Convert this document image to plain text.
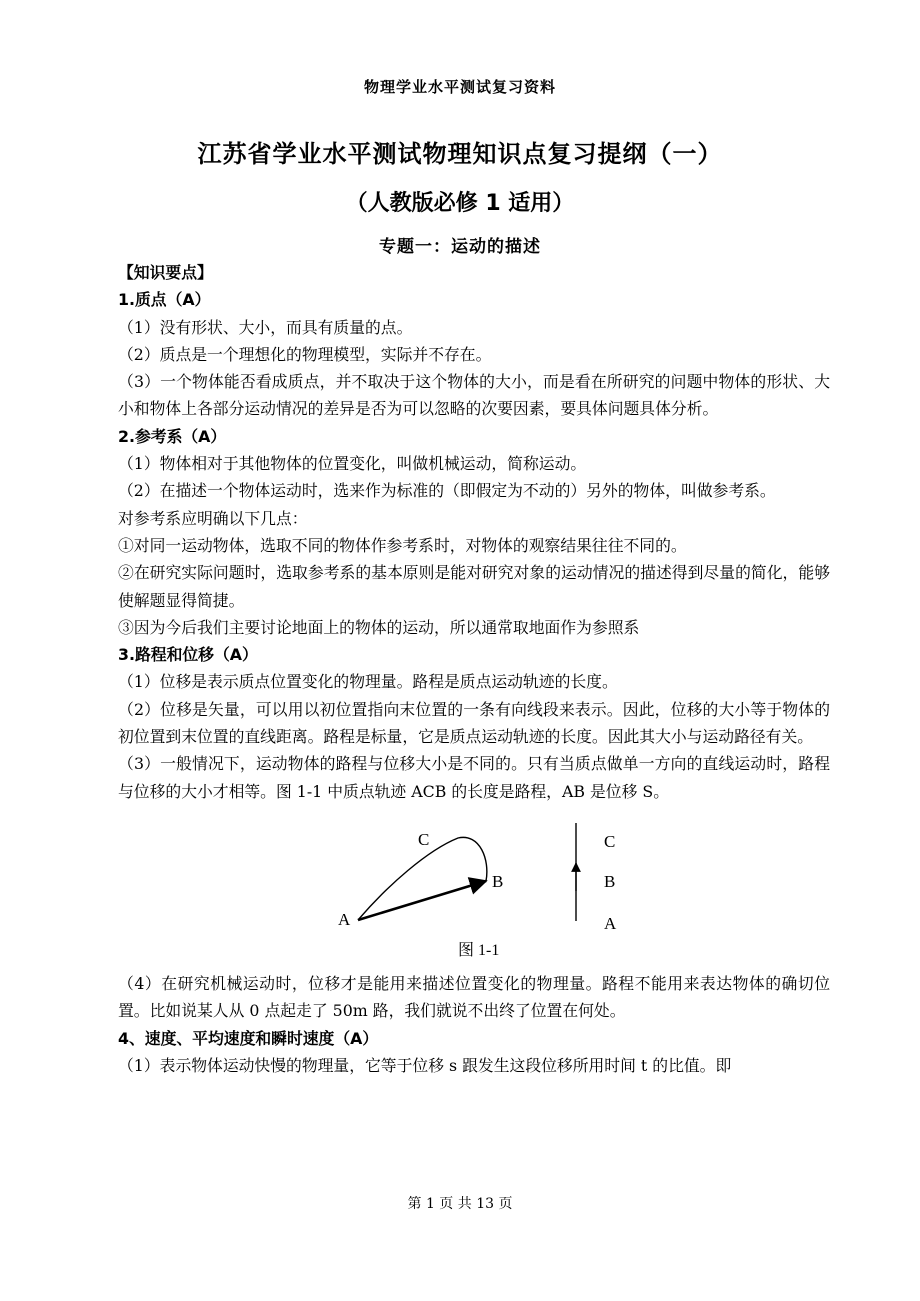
物理学业水平测试复习资料
江苏省学业水平测试物理知识点复习提纲（一）
（人教版必修 1 适用）
专题一：运动的描述
【知识要点】
1.质点（A）

（1）没有形状、大小，而具有质量的点。

（2）质点是一个理想化的物理模型，实际并不存在。

（3）一个物体能否看成质点，并不取决于这个物体的大小，而是看在所研究的问题中物体的形状、大小和物体上各部分运动情况的差异是否为可以忽略的次要因素，要具体问题具体分析。

2.参考系（A）

（1）物体相对于其他物体的位置变化，叫做机械运动，简称运动。

（2）在描述一个物体运动时，选来作为标准的（即假定为不动的）另外的物体，叫做参考系。

对参考系应明确以下几点：

①对同一运动物体，选取不同的物体作参考系时，对物体的观察结果往往不同的。

②在研究实际问题时，选取参考系的基本原则是能对研究对象的运动情况的描述得到尽量的简化，能够使解题显得简捷。

③因为今后我们主要讨论地面上的物体的运动，所以通常取地面作为参照系

3.路程和位移（A）

（1）位移是表示质点位置变化的物理量。路程是质点运动轨迹的长度。

（2）位移是矢量，可以用以初位置指向末位置的一条有向线段来表示。因此，位移的大小等于物体的初位置到末位置的直线距离。路程是标量，它是质点运动轨迹的长度。因此其大小与运动路径有关。

（3）一般情况下，运动物体的路程与位移大小是不同的。只有当质点做单一方向的直线运动时，路程与位移的大小才相等。图 1-1 中质点轨迹 ACB 的长度是路程，AB 是位移 S。

C
B
A
C
B
A
图 1-1

（4）在研究机械运动时，位移才是能用来描述位置变化的物理量。路程不能用来表达物体的确切位置。比如说某人从 0 点起走了 50m 路，我们就说不出终了位置在何处。

4、速度、平均速度和瞬时速度（A）

（1）表示物体运动快慢的物理量，它等于位移 s 跟发生这段位移所用时间 t 的比值。即

第 1 页 共 13 页
